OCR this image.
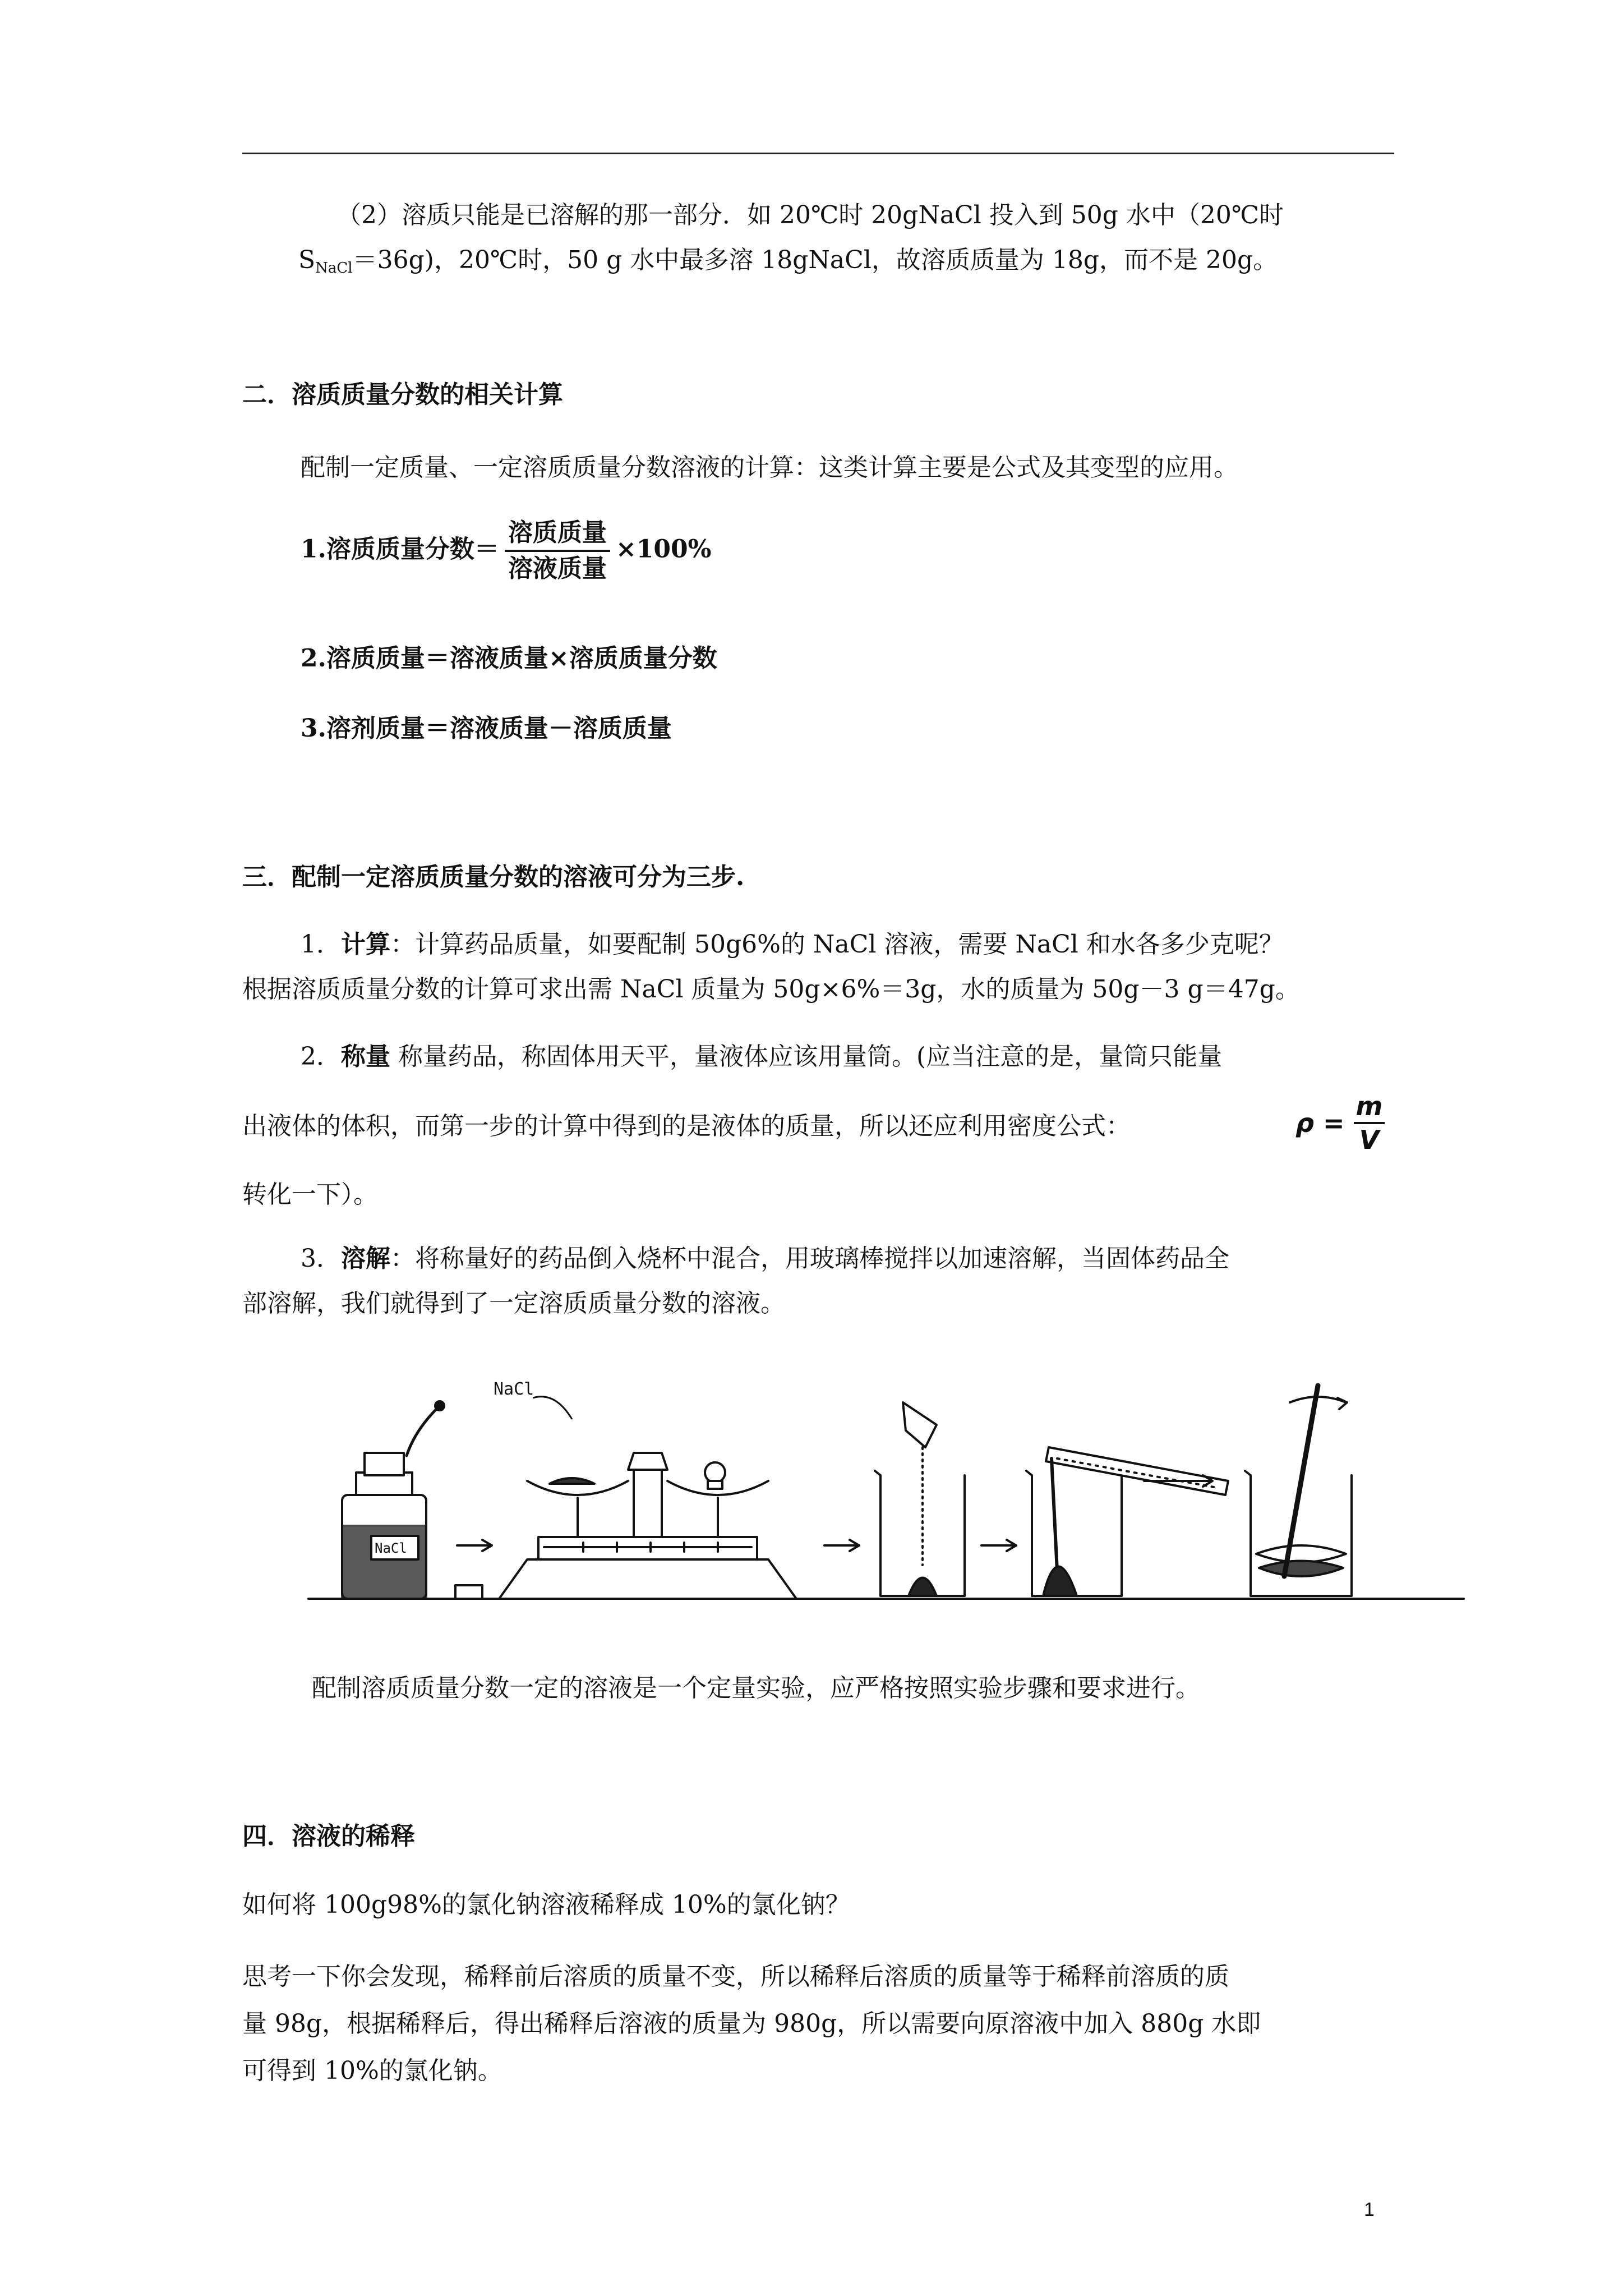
（2）溶质只能是已溶解的那一部分．如 20℃时 20gNaCl 投入到 50g 水中（20℃时
$S_{NaCl}=36g$)，20℃时，50 g 水中最多溶 18gNaCl，故溶质质量为 18g，而不是 20g。
二．溶质质量分数的相关计算
配制一定质量、一定溶质质量分数溶液的计算：这类计算主要是公式及其变型的应用。
1.溶质质量分数＝ $\frac{\text{溶质质量}}{\text{溶液质量}} \times 100\%$
2.溶质质量＝溶液质量×溶质质量分数
3.溶剂质量＝溶液质量－溶质质量
三．配制一定溶质质量分数的溶液可分为三步.
1．计算：计算药品质量，如要配制 50g6%的 NaCl 溶液，需要 NaCl 和水各多少克呢？
根据溶质质量分数的计算可求出需 NaCl 质量为 50g×6%＝3g，水的质量为 50g－3 g＝47g。
2．称量 称量药品，称固体用天平，量液体应该用量筒。(应当注意的是，量筒只能量
出液体的体积，而第一步的计算中得到的是液体的质量，所以还应利用密度公式：	$\rho = \frac{m}{V}$
转化一下）。
3．溶解：将称量好的药品倒入烧杯中混合，用玻璃棒搅拌以加速溶解，当固体药品全
部溶解，我们就得到了一定溶质质量分数的溶液。
NaCl
NaCl
配制溶质质量分数一定的溶液是一个定量实验，应严格按照实验步骤和要求进行。
四．溶液的稀释
如何将 100g98%的氯化钠溶液稀释成 10%的氯化钠？
思考一下你会发现，稀释前后溶质的质量不变，所以稀释后溶质的质量等于稀释前溶质的质
量 98g，根据稀释后，得出稀释后溶液的质量为 980g，所以需要向原溶液中加入 880g 水即
可得到 10%的氯化钠。
1
